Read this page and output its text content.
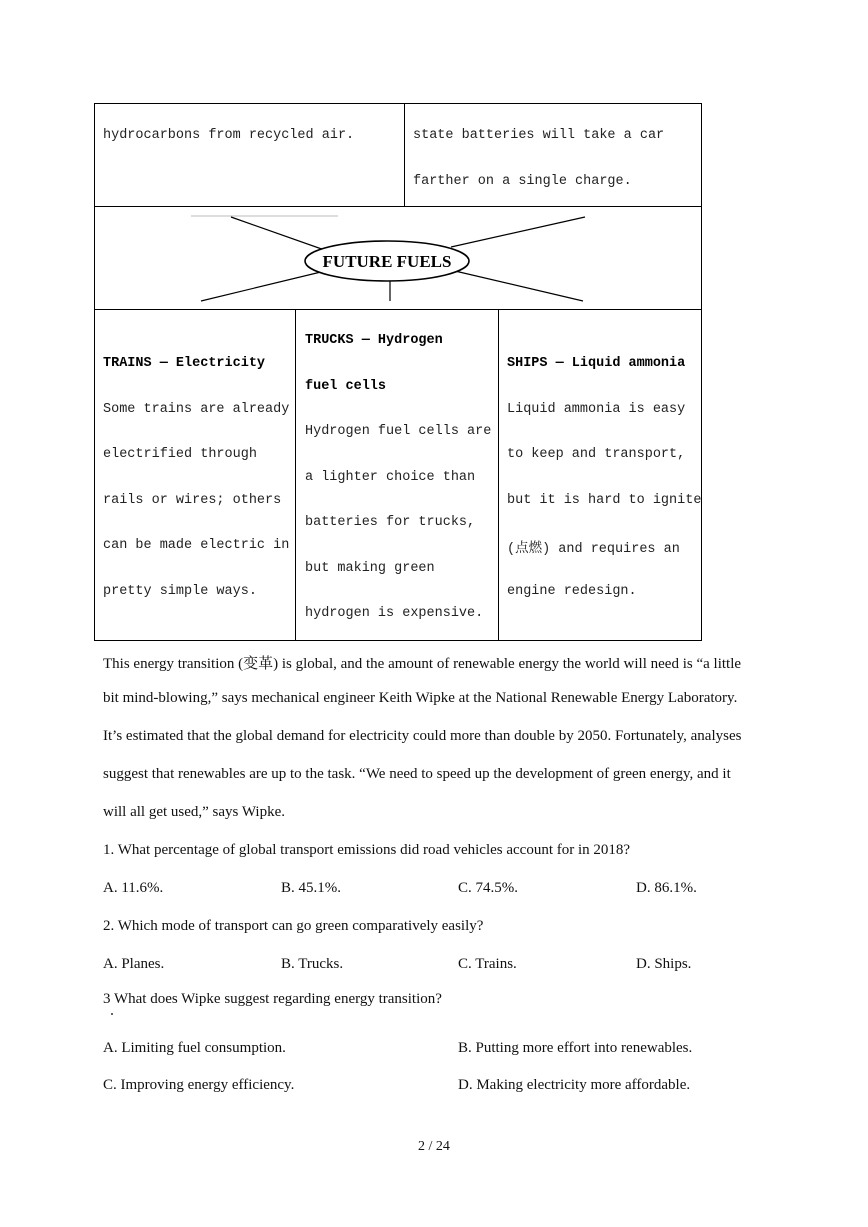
hydrocarbons from recycled air.	state batteries will take a car
farther on a single charge.
FUTURE FUELS
TRAINS — Electricity
Some trains are already
electrified through
rails or wires; others
can be made electric in
pretty simple ways.
TRUCKS — Hydrogen
fuel cells
Hydrogen fuel cells are
a lighter choice than
batteries for trucks,
but making green
hydrogen is expensive.
SHIPS — Liquid ammonia
Liquid ammonia is easy
to keep and transport,
but it is hard to ignite
(点燃) and requires an
engine redesign.
This energy transition (变革) is global, and the amount of renewable energy the world will need is “a little
bit mind-blowing,” says mechanical engineer Keith Wipke at the National Renewable Energy Laboratory.
It’s estimated that the global demand for electricity could more than double by 2050. Fortunately, analyses
suggest that renewables are up to the task. “We need to speed up the development of green energy, and it
will all get used,” says Wipke.
1. What percentage of global transport emissions did road vehicles account for in 2018?
A. 11.6%.	B. 45.1%.	C. 74.5%.	D. 86.1%.
2. Which mode of transport can go green comparatively easily?
A. Planes.	B. Trucks.	C. Trains.	D. Ships.
3 What does Wipke suggest regarding energy transition?
A. Limiting fuel consumption.	B. Putting more effort into renewables.
C. Improving energy efficiency.	D. Making electricity more affordable.
2 / 24
